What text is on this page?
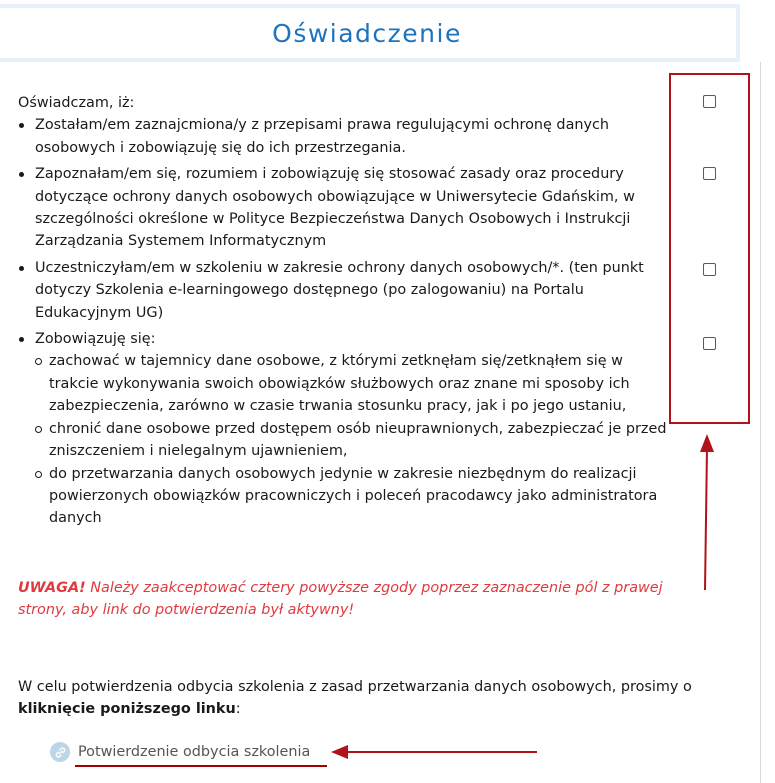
Oświadczenie

Oświadczam, iż:

Zostałam/em zaznajcmiona/y z przepisami prawa regulującymi ochronę danych osobowych i zobowiązuję się do ich przestrzegania.
Zapoznałam/em się, rozumiem i zobowiązuję się stosować zasady oraz procedury dotyczące ochrony danych osobowych obowiązujące w Uniwersytecie Gdańskim, w szczególności określone w Polityce Bezpieczeństwa Danych Osobowych i Instrukcji Zarządzania Systemem Informatycznym
Uczestniczyłam/em w szkoleniu w zakresie ochrony danych osobowych/*. (ten punkt dotyczy Szkolenia e-learningowego dostępnego (po zalogowaniu) na Portalu Edukacyjnym UG)
Zobowiązuję się:
zachować w tajemnicy dane osobowe, z którymi zetknęłam się/zetknąłem się w trakcie wykonywania swoich obowiązków służbowych oraz znane mi sposoby ich zabezpieczenia, zarówno w czasie trwania stosunku pracy, jak i po jego ustaniu,
chronić dane osobowe przed dostępem osób nieuprawnionych, zabezpieczać je przed zniszczeniem i nielegalnym ujawnieniem,
do przetwarzania danych osobowych jedynie w zakresie niezbędnym do realizacji powierzonych obowiązków pracowniczych i poleceń pracodawcy jako administratora danych
UWAGA! Należy zaakceptować cztery powyższe zgody poprzez zaznaczenie pól z prawej strony, aby link do potwierdzenia był aktywny!
W celu potwierdzenia odbycia szkolenia z zasad przetwarzania danych osobowych, prosimy o kliknięcie poniższego linku:
Potwierdzenie odbycia szkolenia
